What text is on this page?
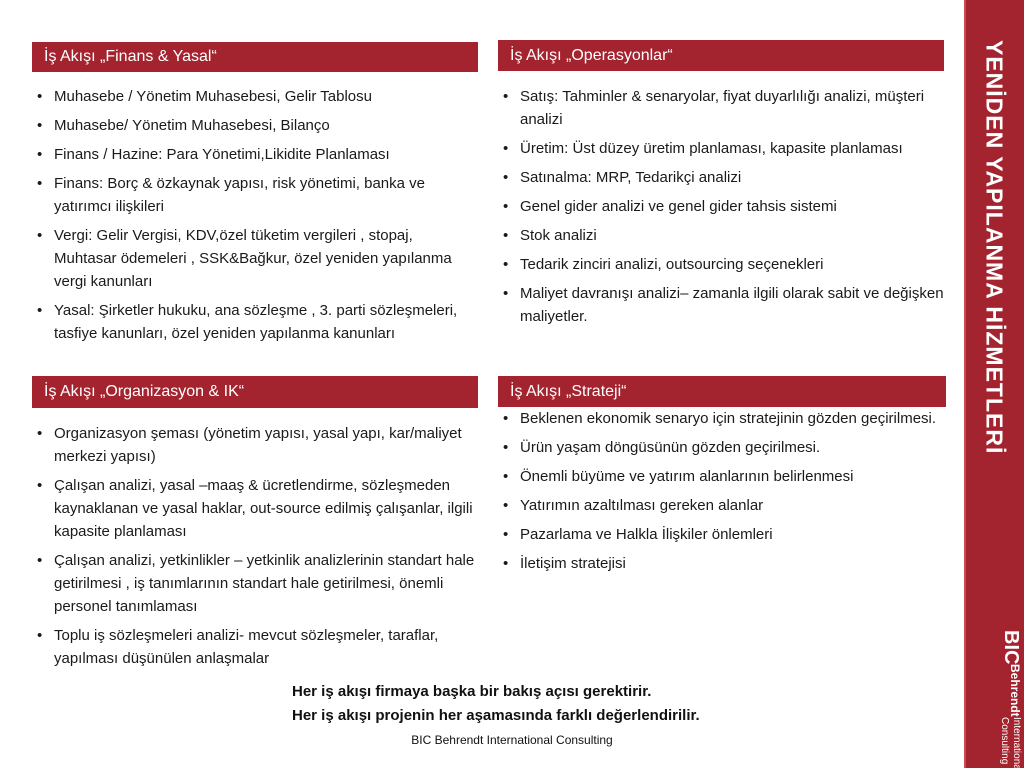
YENİDEN YAPILANMA HİZMETLERİ
BIC
Behrendt
International Consulting
İş Akışı „Finans & Yasal“
• Muhasebe / Yönetim Muhasebesi, Gelir Tablosu
• Muhasebe/ Yönetim Muhasebesi, Bilanço
• Finans / Hazine: Para Yönetimi,Likidite Planlaması
• Finans: Borç & özkaynak yapısı, risk yönetimi, banka ve yatırımcı ilişkileri
• Vergi: Gelir Vergisi, KDV,özel tüketim vergileri , stopaj, Muhtasar ödemeleri , SSK&Bağkur, özel yeniden yapılanma vergi kanunları
• Yasal: Şirketler hukuku, ana sözleşme , 3. parti sözleşmeleri, tasfiye kanunları, özel yeniden yapılanma kanunları
İş Akışı „Operasyonlar“
• Satış: Tahminler & senaryolar, fiyat duyarlılığı analizi, müşteri analizi
• Üretim: Üst düzey üretim planlaması, kapasite planlaması
• Satınalma: MRP, Tedarikçi analizi
• Genel gider analizi ve genel gider tahsis sistemi
• Stok analizi
• Tedarik zinciri analizi, outsourcing seçenekleri
• Maliyet davranışı analizi– zamanla ilgili olarak sabit ve değişken maliyetler.
İş Akışı „Organizasyon & IK“
• Organizasyon şeması (yönetim yapısı, yasal yapı, kar/maliyet merkezi yapısı)
• Çalışan analizi, yasal –maaş & ücretlendirme, sözleşmeden kaynaklanan ve yasal haklar, out-source edilmiş çalışanlar, ilgili kapasite planlaması
• Çalışan analizi, yetkinlikler – yetkinlik analizlerinin standart hale getirilmesi , iş tanımlarının standart hale getirilmesi, önemli personel tanımlaması
• Toplu iş sözleşmeleri analizi- mevcut sözleşmeler, taraflar, yapılması düşünülen anlaşmalar
İş Akışı „Strateji“
• Beklenen ekonomik senaryo için stratejinin gözden geçirilmesi.
• Ürün yaşam döngüsünün gözden geçirilmesi.
• Önemli büyüme ve yatırım alanlarının belirlenmesi
• Yatırımın azaltılması gereken alanlar
• Pazarlama ve Halkla İlişkiler önlemleri
• İletişim stratejisi

Her iş akışı firmaya başka bir bakış açısı gerektirir.

Her iş akışı projenin her aşamasında farklı değerlendirilir.

BIC Behrendt International Consulting
